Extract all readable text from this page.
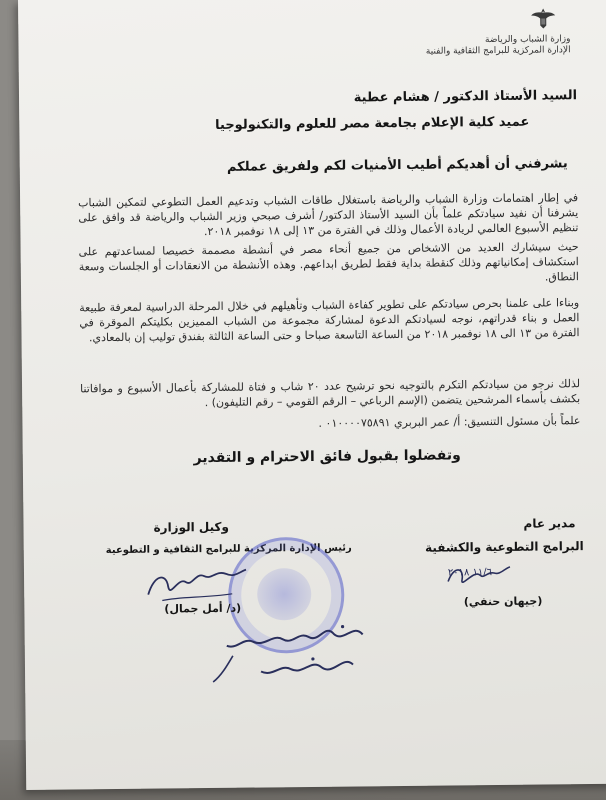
وزارة الشباب والرياضة
الإدارة المركزية للبرامج الثقافية والفنية
السيد الأستاذ الدكتور / هشام عطية
عميد كلية الإعلام بجامعة مصر للعلوم والتكنولوجيا
يشرفني أن أهديكم أطيب الأمنيات لكم ولفريق عملكم
في إطار اهتمامات وزارة الشباب والرياضة باستغلال طاقات الشباب وتدعيم العمل التطوعي لتمكين الشباب يشرفنا أن نفيد سيادتكم علماً بأن السيد الأستاذ الدكتور/ أشرف صبحي وزير الشباب والرياضة قد وافق على تنظيم الأسبوع العالمي لريادة الأعمال وذلك في الفترة من ١٣ إلى ١٨ نوفمبر ٢٠١٨.
حيث سيشارك العديد من الاشخاص من جميع أنحاء مصر في أنشطة مصممة خصيصا لمساعدتهم على استكشاف إمكانياتهم وذلك كنقطة بداية فقط لطريق ابداعهم. وهذه الأنشطة من الانعقادات أو الجلسات وسعة النطاق.
وبناءا على علمنا بحرص سيادتكم على تطوير كفاءة الشباب وتأهيلهم في خلال المرحلة الدراسية لمعرفة طبيعة العمل و بناء قدراتهم، نوجه لسيادتكم الدعوة لمشاركة مجموعة من الشباب المميزين بكليتكم الموقرة في الفترة من ١٣ الى ١٨ نوفمبر ٢٠١٨ من الساعة التاسعة صباحا و حتى الساعة الثالثة بفندق توليب إن بالمعادي.
لذلك نرجو من سيادتكم التكرم بالتوجيه نحو ترشيح عدد ٢٠ شاب و فتاة للمشاركة بأعمال الأسبوع و موافاتنا بكشف بأسماء المرشحين يتضمن (الإسم الرباعي – الرقم القومي – رقم التليفون) .
علماً بأن مسئول التنسيق: أ/ عمر البربري ٠١٠٠٠٠٧٥٨٩١ .
وتفضلوا بقبول فائق الاحترام و التقدير
مدير عام
البرامج التطوعية والكشفية
١١/٦ ٢٠١٨
(جيهان حنفي)
وكيل الوزارة
رئيس الإدارة المركزية للبرامج الثقافية و التطوعية
(د/ أمل جمال)
